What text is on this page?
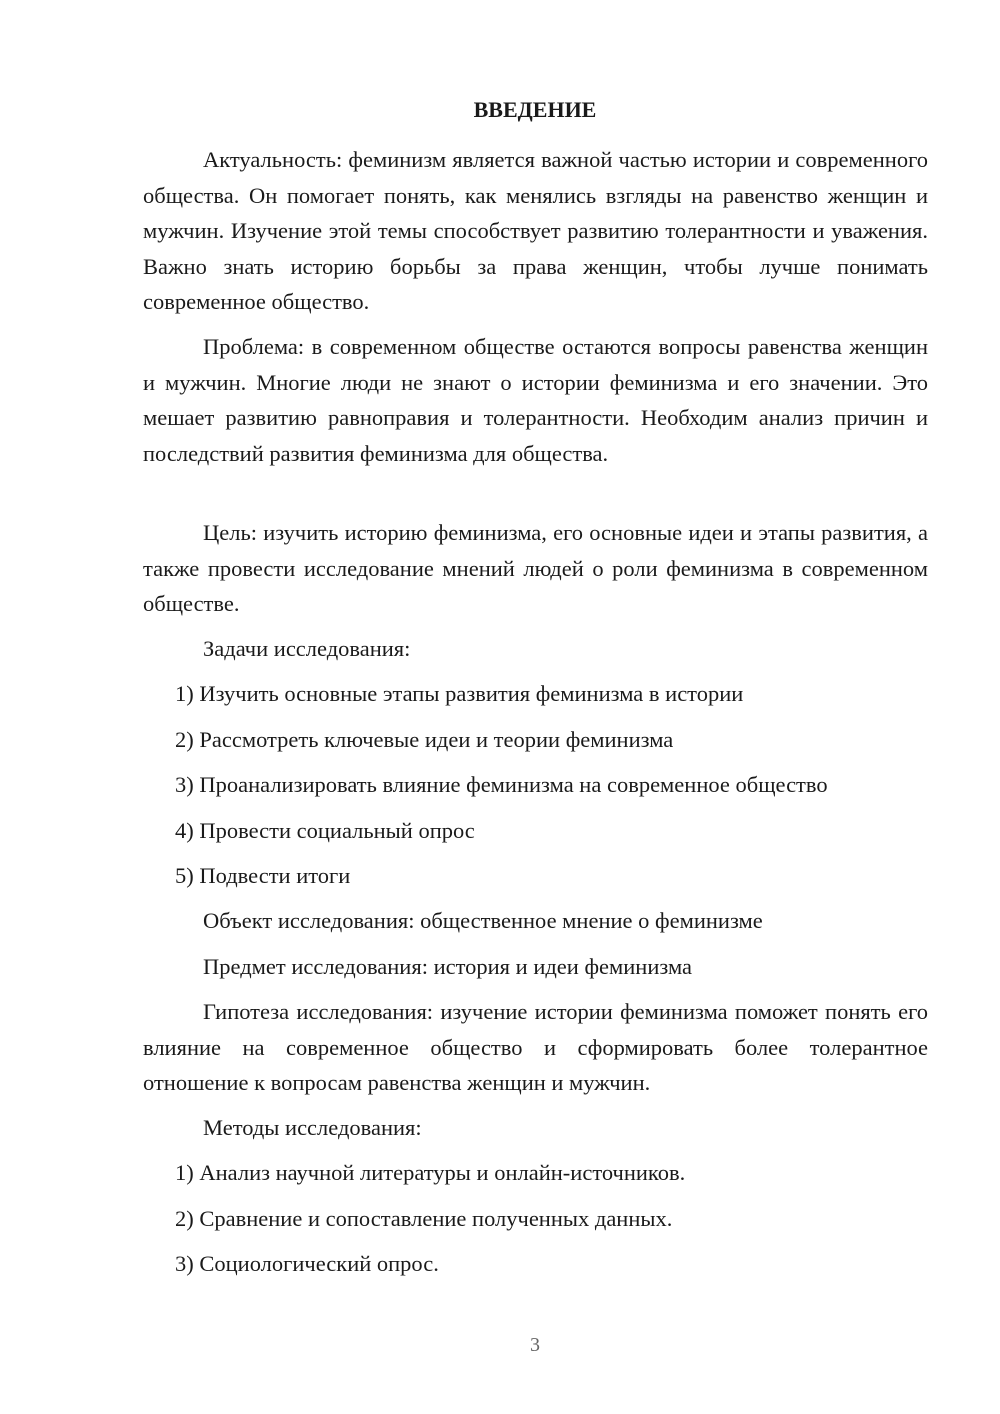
ВВЕДЕНИЕ

Актуальность: феминизм является важной частью истории и современного общества. Он помогает понять, как менялись взгляды на равенство женщин и мужчин. Изучение этой темы способствует развитию толерантности и уважения. Важно знать историю борьбы за права женщин, чтобы лучше понимать современное общество.

Проблема: в современном обществе остаются вопросы равенства женщин и мужчин. Многие люди не знают о истории феминизма и его значении. Это мешает развитию равноправия и толерантности. Необходим анализ причин и последствий развития феминизма для общества.

Цель: изучить историю феминизма, его основные идеи и этапы развития, а также провести исследование мнений людей о роли феминизма в современном обществе.

Задачи исследования:

1) Изучить основные этапы развития феминизма в истории

2) Рассмотреть ключевые идеи и теории феминизма

3) Проанализировать влияние феминизма на современное общество

4) Провести социальный опрос

5) Подвести итоги

Объект исследования: общественное мнение о феминизме

Предмет исследования: история и идеи феминизма

Гипотеза исследования: изучение истории феминизма поможет понять его влияние на современное общество и сформировать более толерантное отношение к вопросам равенства женщин и мужчин.

Методы исследования:

1) Анализ научной литературы и онлайн-источников.

2) Сравнение и сопоставление полученных данных.

3) Социологический опрос.

3
